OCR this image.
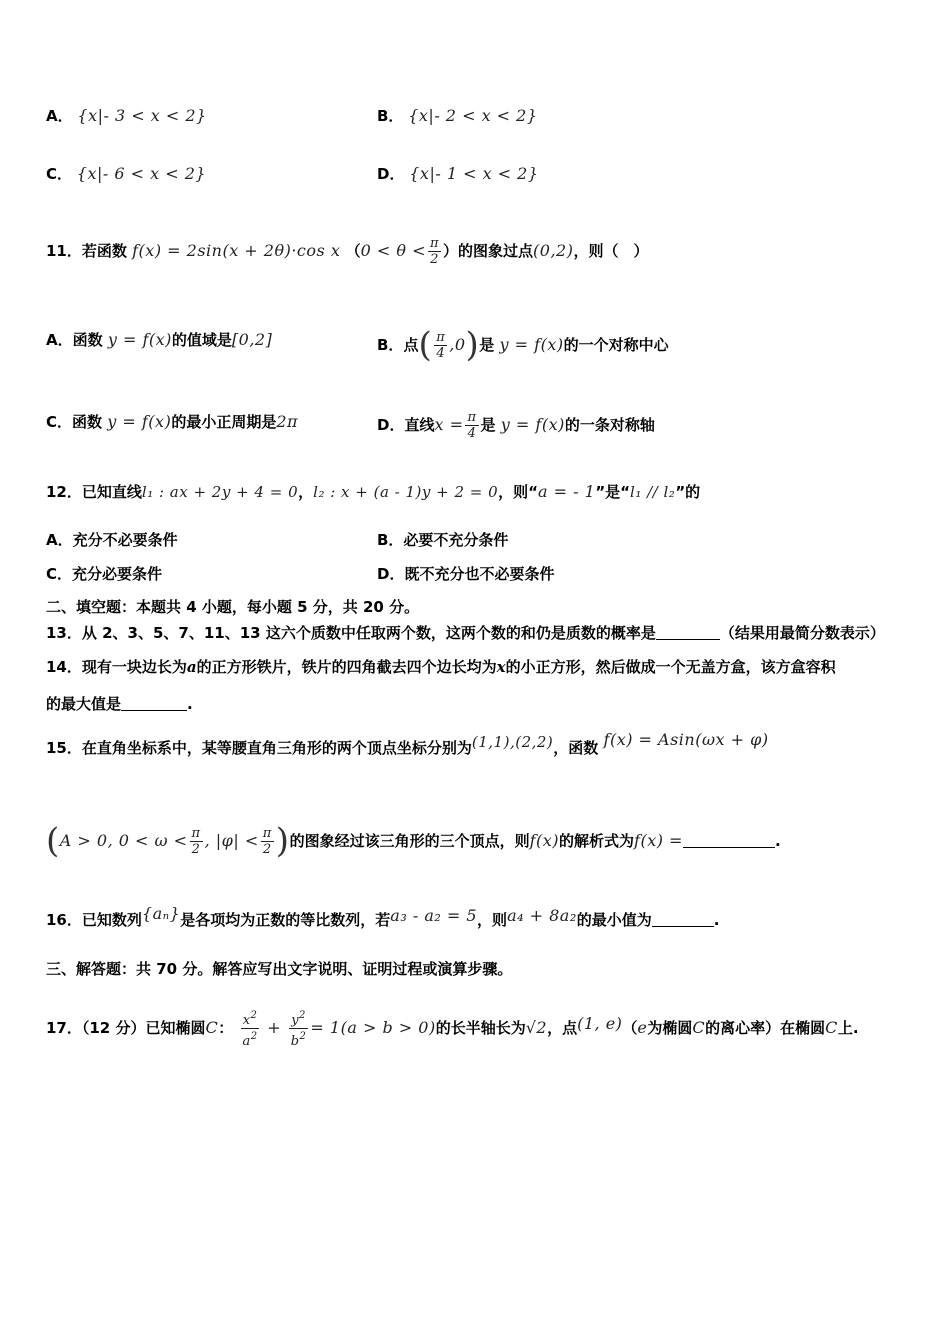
A． {x|- 3 < x < 2}	B． {x|- 2 < x < 2}
C． {x|- 6 < x < 2}	D． {x|- 1 < x < 2}
11．若函数 f(x) = 2sin(x + 2θ)·cos x （$0 < \theta < \frac{\pi}{2}$ ）的图象过点(0,2)，则（　）
A．函数 y = f(x)的值域是[0,2]	B．点( $\frac{\pi}{4} ,0$)是 y = f(x)的一个对称中心
C．函数 y = f(x)的最小正周期是2π	D．直线$x = \frac{\pi}{4}$ 是 y = f(x)的一条对称轴
12．已知直线l₁ : ax + 2y + 4 = 0，l₂ : x + (a - 1)y + 2 = 0，则“a = - 1”是“l₁ // l₂”的
A．充分不必要条件	B．必要不充分条件
C．充分必要条件	D．既不充分也不必要条件
二、填空题：本题共 4 小题，每小题 5 分，共 20 分。
13．从 2、3、5、7、11、13 这六个质数中任取两个数，这两个数的和仍是质数的概率是	（结果用最简分数表示）
14．现有一块边长为a的正方形铁片，铁片的四角截去四个边长均为x的小正方形，然后做成一个无盖方盒，该方盒容积
的最大值是	.
15．在直角坐标系中，某等腰直角三角形的两个顶点坐标分别为(1,1),(2,2)，函数 f(x) = Asin(ωx + φ)
(A > 0, $0 < \omega < \frac{\pi}{2}$ , $|\varphi| < \frac{\pi}{2}$ )的图象经过该三角形的三个顶点，则f(x)的解析式为f(x) =	.
16．已知数列{aₙ}是各项均为正数的等比数列，若a₃ - a₂ = 5，则a₄ + 8a₂的最小值为	.
三、解答题：共 70 分。解答应写出文字说明、证明过程或演算步骤。
17．（12 分）已知椭圆C： $\frac{x^2}{a^2} + \frac{y^2}{b^2} = 1(a > b > 0)$的长半轴长为√2，点(1, e)（e为椭圆C的离心率）在椭圆C上.
